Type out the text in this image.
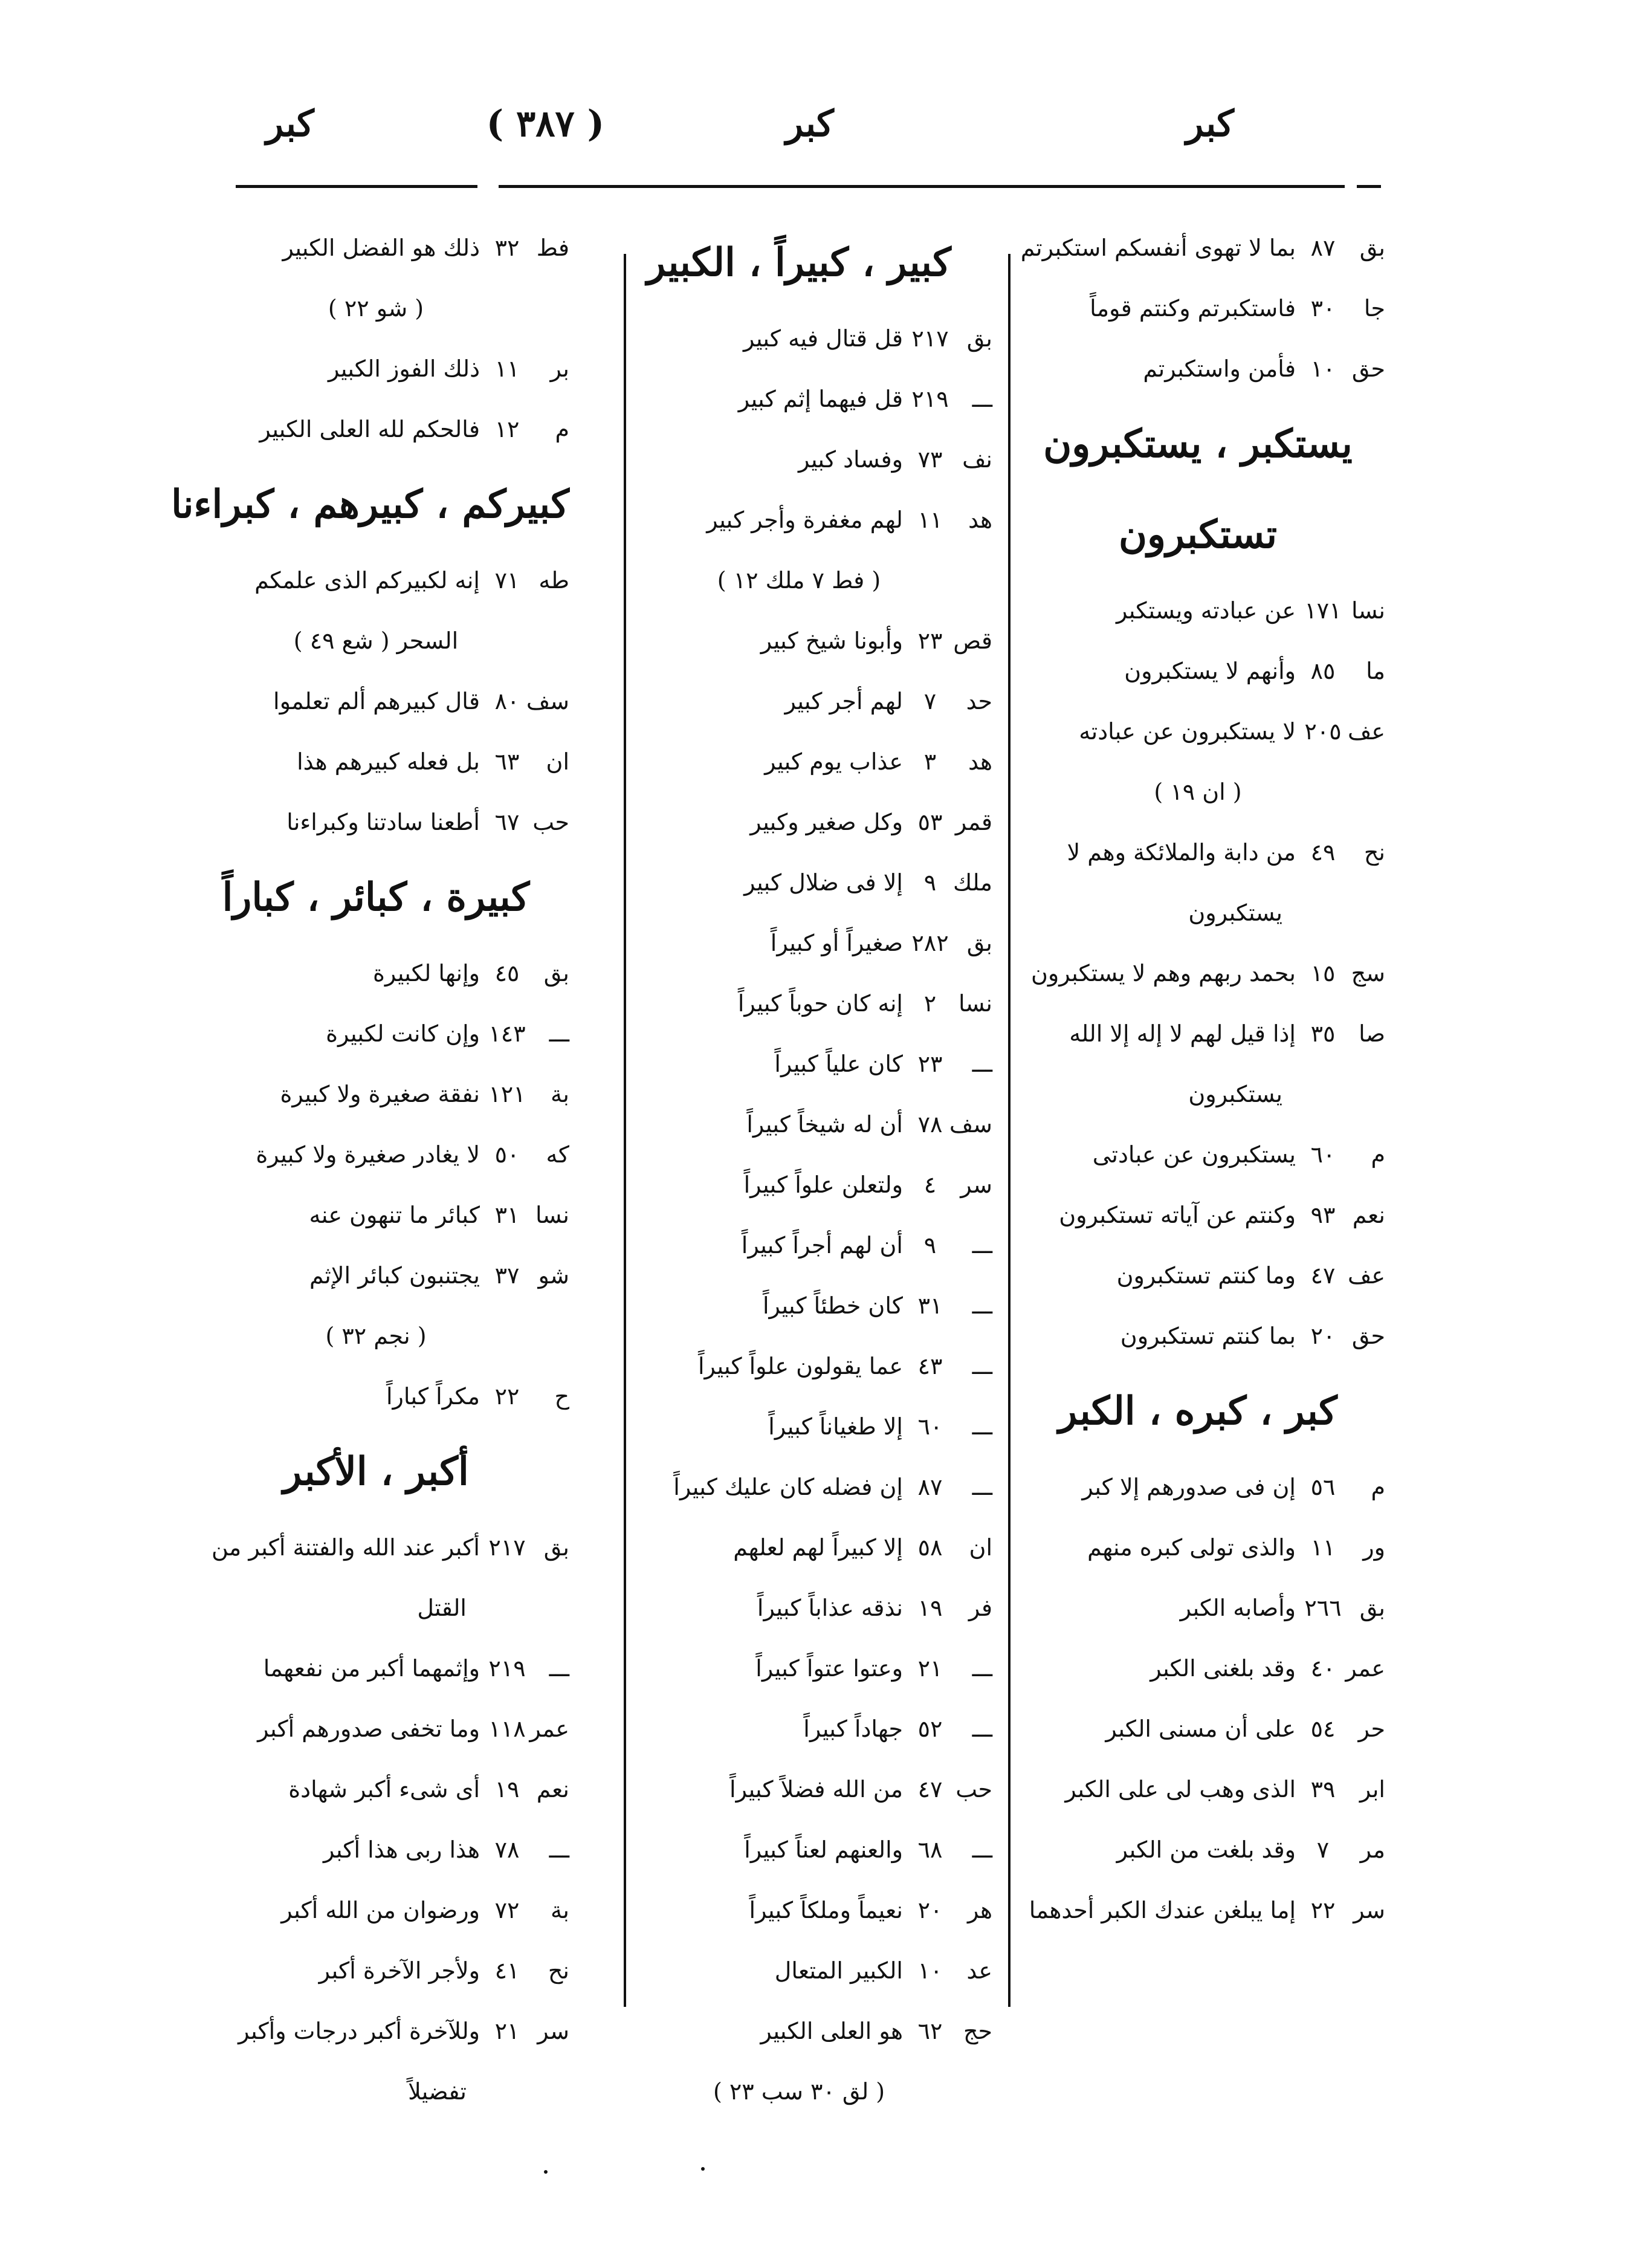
كبر
كبر
( ٣٨٧ )
كبر
بق
٨٧
بما لا تهوى أنفسكم استكبرتم
جا
٣٠
فاستكبرتم وكنتم قوماً
حق
١٠
فأمن واستكبرتم
يستكبر ، يستكبرون
تستكبرون
نسا
١٧١
عن عبادته ويستكبر
ما
٨٥
وأنهم لا يستكبرون
عف
٢٠٥
لا يستكبرون عن عبادته
( ان ١٩ )
نح
٤٩
من دابة والملائكة وهم لا
يستكبرون
سج
١٥
بحمد ربهم وهم لا يستكبرون
صا
٣٥
إذا قيل لهم لا إله إلا الله
يستكبرون
م
٦٠
يستكبرون عن عبادتى
نعم
٩٣
وكنتم عن آياته تستكبرون
عف
٤٧
وما كنتم تستكبرون
حق
٢٠
بما كنتم تستكبرون
كبر ، كبره ، الكبر
م
٥٦
إن فى صدورهم إلا كبر
ور
١١
والذى تولى كبره منهم
بق
٢٦٦
وأصابه الكبر
عمر
٤٠
وقد بلغنى الكبر
حر
٥٤
على أن مسنى الكبر
ابر
٣٩
الذى وهب لى على الكبر
مر
٧
وقد بلغت من الكبر
سر
٢٢
إما يبلغن عندك الكبر أحدهما
كبير ، كبيراً ، الكبير
بق
٢١٧
قل قتال فيه كبير
ـــ
٢١٩
قل فيهما إثم كبير
نف
٧٣
وفساد كبير
هد
١١
لهم مغفرة وأجر كبير
( فط ٧ ملك ١٢ )
قص
٢٣
وأبونا شيخ كبير
حد
٧
لهم أجر كبير
هد
٣
عذاب يوم كبير
قمر
٥٣
وكل صغير وكبير
ملك
٩
إلا فى ضلال كبير
بق
٢٨٢
صغيراً أو كبيراً
نسا
٢
إنه كان حوباً كبيراً
ـــ
٢٣
كان علياً كبيراً
سف
٧٨
أن له شيخاً كبيراً
سر
٤
ولتعلن علواً كبيراً
ـــ
٩
أن لهم أجراً كبيراً
ـــ
٣١
كان خطئاً كبيراً
ـــ
٤٣
عما يقولون علواً كبيراً
ـــ
٦٠
إلا طغياناً كبيراً
ـــ
٨٧
إن فضله كان عليك كبيراً
ان
٥٨
إلا كبيراً لهم لعلهم
فر
١٩
نذقه عذاباً كبيراً
ـــ
٢١
وعتوا عتواً كبيراً
ـــ
٥٢
جهاداً كبيراً
حب
٤٧
من الله فضلاً كبيراً
ـــ
٦٨
والعنهم لعناً كبيراً
هر
٢٠
نعيماً وملكاً كبيراً
عد
١٠
الكبير المتعال
حج
٦٢
هو العلى الكبير
( لق ٣٠ سب ٢٣ )
فط
٣٢
ذلك هو الفضل الكبير
( شو ٢٢ )
بر
١١
ذلك الفوز الكبير
م
١٢
فالحكم لله العلى الكبير
كبيركم ، كبيرهم ، كبراءنا
طه
٧١
إنه لكبيركم الذى علمكم
السحر ( شع ٤٩ )
سف
٨٠
قال كبيرهم ألم تعلموا
ان
٦٣
بل فعله كبيرهم هذا
حب
٦٧
أطعنا سادتنا وكبراءنا
كبيرة ، كبائر ، كباراً
بق
٤٥
وإنها لكبيرة
ـــ
١٤٣
وإن كانت لكبيرة
بة
١٢١
نفقة صغيرة ولا كبيرة
كه
٥٠
لا يغادر صغيرة ولا كبيرة
نسا
٣١
كبائر ما تنهون عنه
شو
٣٧
يجتنبون كبائر الإثم
( نجم ٣٢ )
ح
٢٢
مكراً كباراً
أكبر ، الأكبر
بق
٢١٧
أكبر عند الله والفتنة أكبر من
القتل
ـــ
٢١٩
وإثمهما أكبر من نفعهما
عمر
١١٨
وما تخفى صدورهم أكبر
نعم
١٩
أى شىء أكبر شهادة
ـــ
٧٨
هذا ربى هذا أكبر
بة
٧٢
ورضوان من الله أكبر
نح
٤١
ولأجر الآخرة أكبر
سر
٢١
وللآخرة أكبر درجات وأكبر
تفضيلاً
